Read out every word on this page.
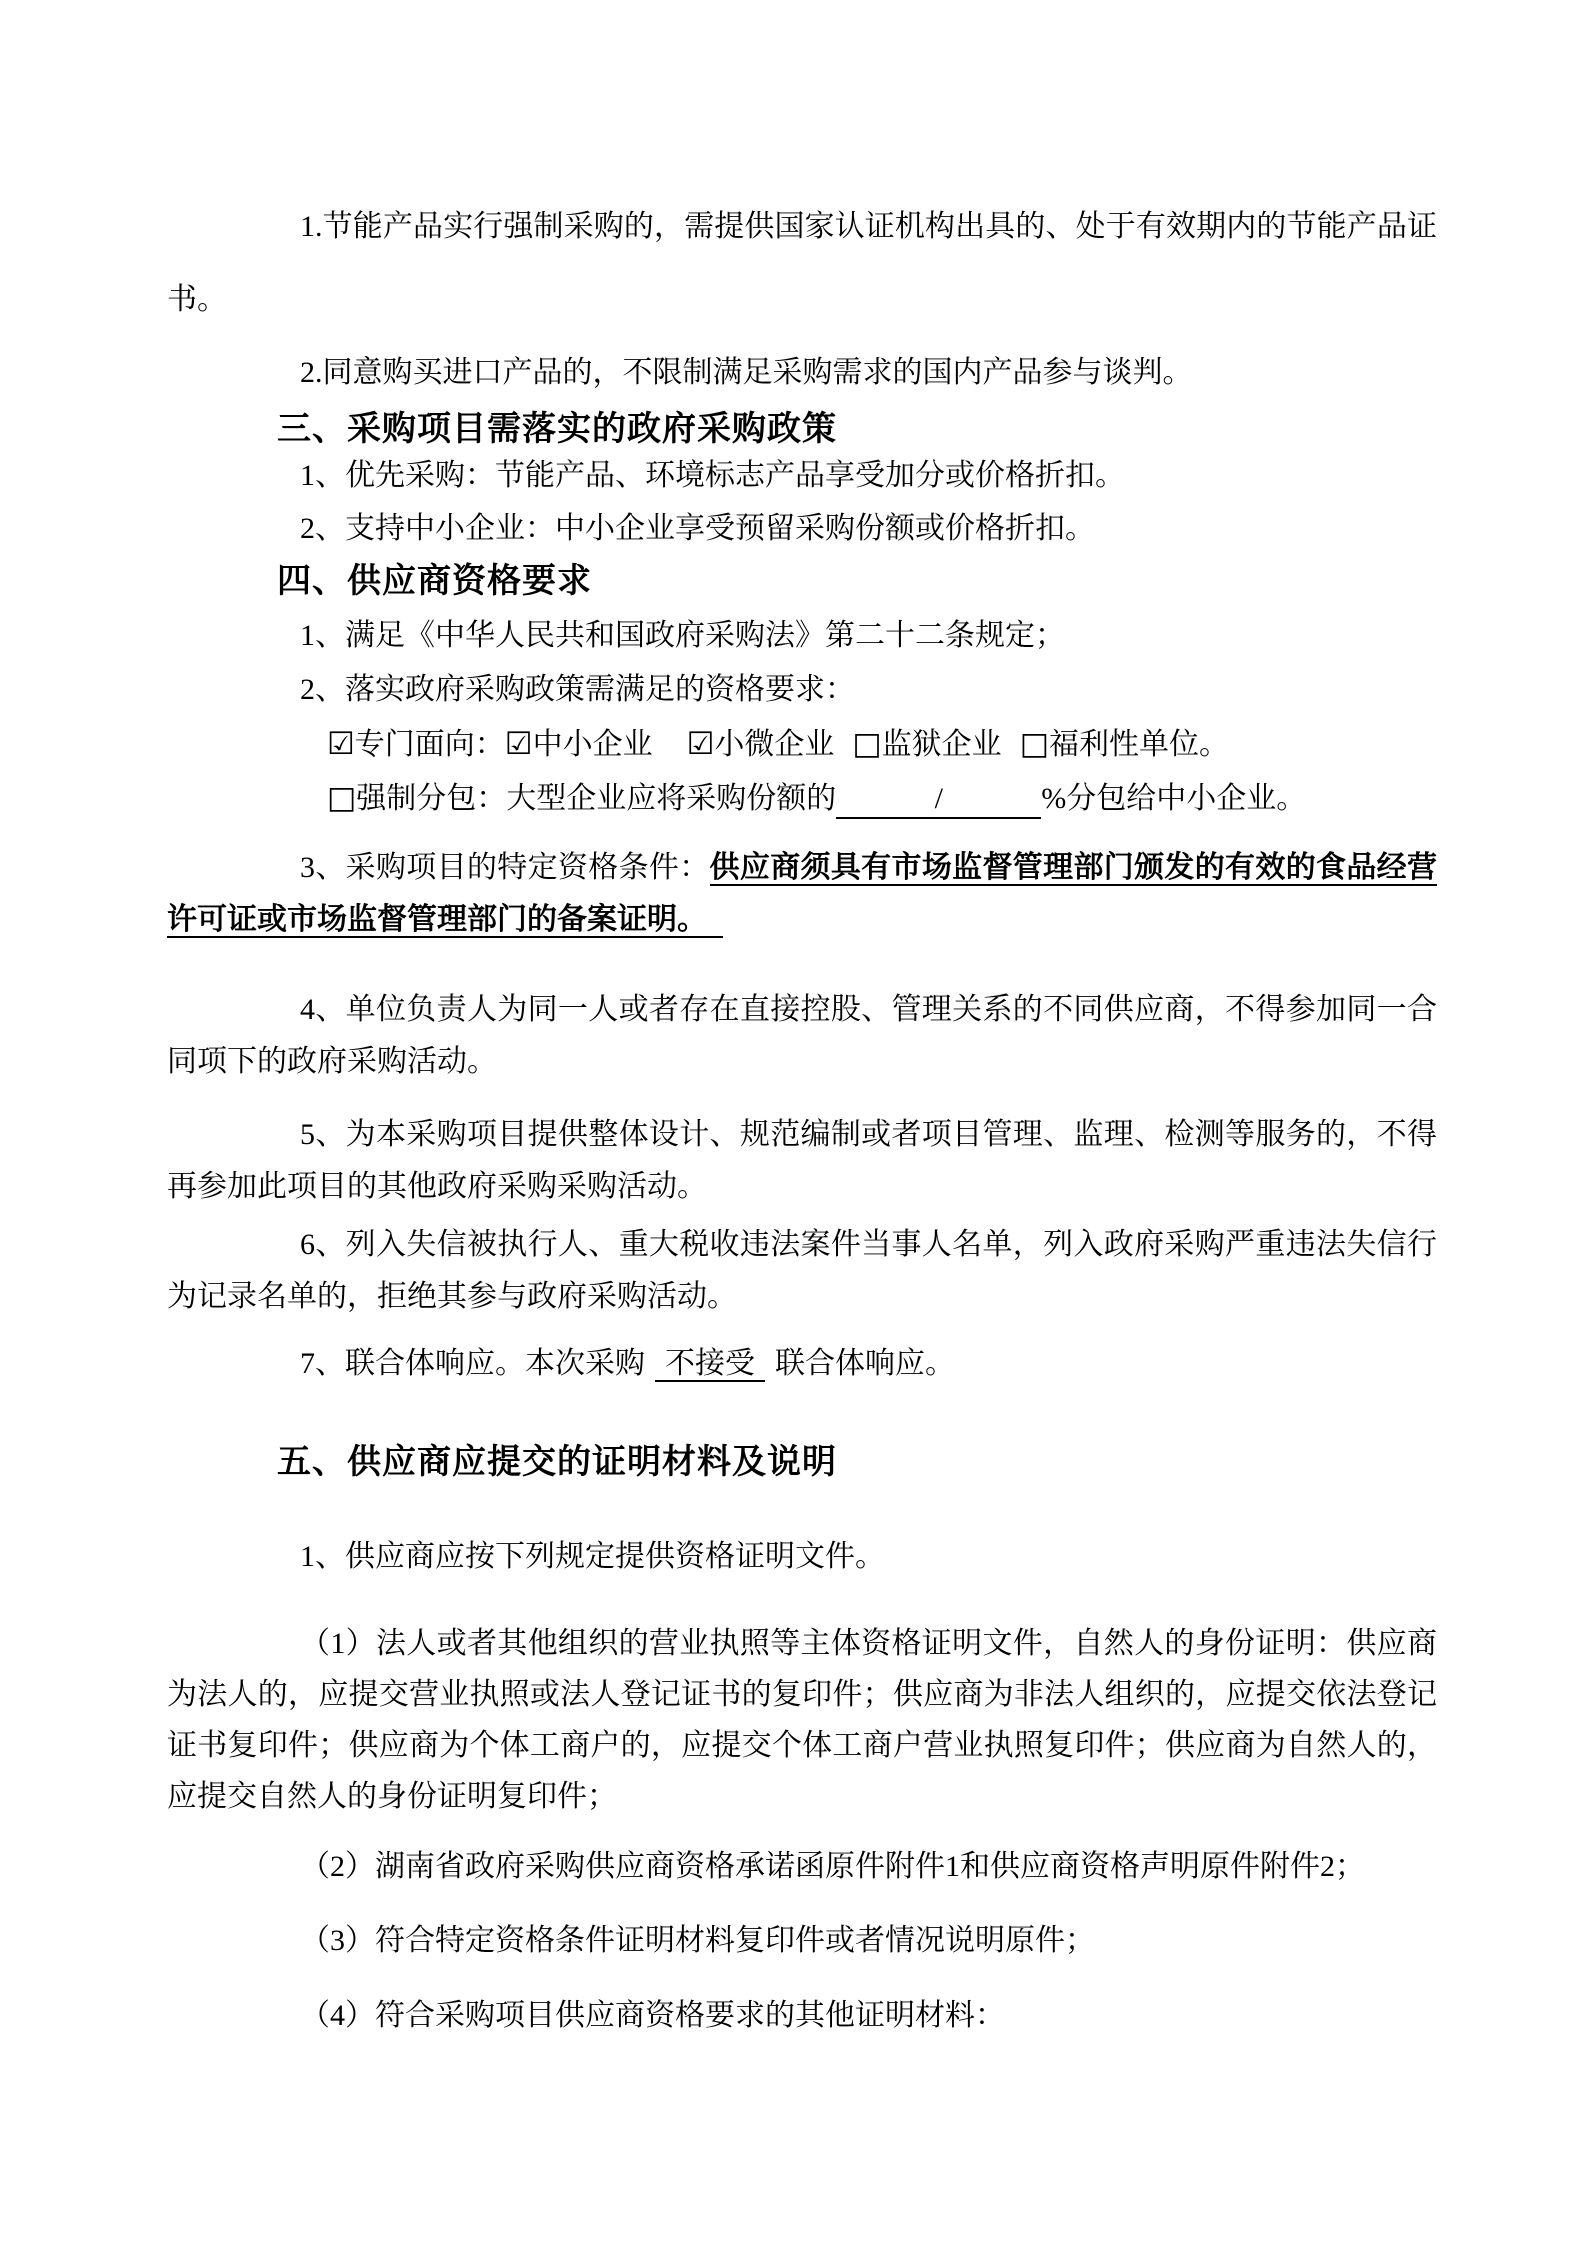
1.节能产品实行强制采购的，需提供国家认证机构出具的、处于有效期内的节能产品证书。

2.同意购买进口产品的，不限制满足采购需求的国内产品参与谈判。

三、采购项目需落实的政府采购政策

1、优先采购：节能产品、环境标志产品享受加分或价格折扣。

2、支持中小企业：中小企业享受预留采购份额或价格折扣。

四、供应商资格要求

1、满足《中华人民共和国政府采购法》第二十二条规定；

2、落实政府采购政策需满足的资格要求：

☑专门面向：☑中小企业 ☑小微企业 □监狱企业 □福利性单位。

□强制分包：大型企业应将采购份额的	/	%分包给中小企业。

3、采购项目的特定资格条件：供应商须具有市场监督管理部门颁发的有效的食品经营许可证或市场监督管理部门的备案证明。

4、单位负责人为同一人或者存在直接控股、管理关系的不同供应商，不得参加同一合同项下的政府采购活动。

5、为本采购项目提供整体设计、规范编制或者项目管理、监理、检测等服务的，不得再参加此项目的其他政府采购采购活动。

6、列入失信被执行人、重大税收违法案件当事人名单，列入政府采购严重违法失信行为记录名单的，拒绝其参与政府采购活动。

7、联合体响应。本次采购 不接受 联合体响应。

五、供应商应提交的证明材料及说明

1、供应商应按下列规定提供资格证明文件。

（1）法人或者其他组织的营业执照等主体资格证明文件，自然人的身份证明：供应商为法人的，应提交营业执照或法人登记证书的复印件；供应商为非法人组织的，应提交依法登记证书复印件；供应商为个体工商户的，应提交个体工商户营业执照复印件；供应商为自然人的，应提交自然人的身份证明复印件；

（2）湖南省政府采购供应商资格承诺函原件附件1和供应商资格声明原件附件2；

（3）符合特定资格条件证明材料复印件或者情况说明原件；

（4）符合采购项目供应商资格要求的其他证明材料：
